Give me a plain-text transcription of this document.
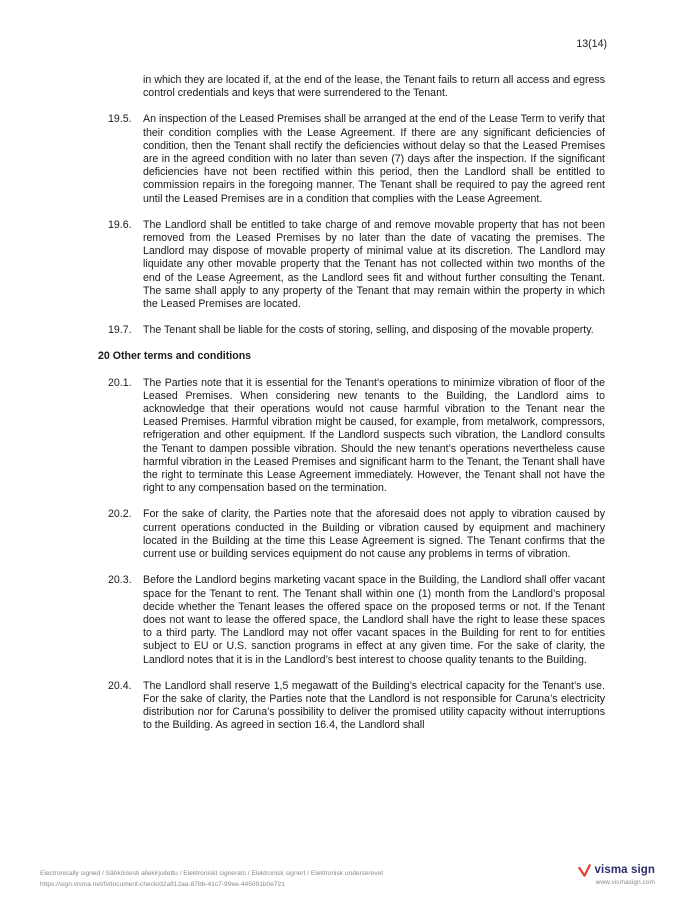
13(14)
in which they are located if, at the end of the lease, the Tenant fails to return all access and egress control credentials and keys that were surrendered to the Tenant.
19.5.	An inspection of the Leased Premises shall be arranged at the end of the Lease Term to verify that their condition complies with the Lease Agreement. If there are any significant deficiencies of condition, then the Tenant shall rectify the deficiencies without delay so that the Leased Premises are in the agreed condition with no later than seven (7) days after the inspection. If the significant deficiencies have not been rectified within this period, then the Landlord shall be entitled to commission repairs in the foregoing manner. The Tenant shall be required to pay the agreed rent until the Leased Premises are in a condition that complies with the Lease Agreement.
19.6.	The Landlord shall be entitled to take charge of and remove movable property that has not been removed from the Leased Premises by no later than the date of vacating the premises. The Landlord may dispose of movable property of minimal value at its discretion. The Landlord may liquidate any other movable property that the Tenant has not collected within two months of the end of the Lease Agreement, as the Landlord sees fit and without further consulting the Tenant. The same shall apply to any property of the Tenant that may remain within the property in which the Leased Premises are located.
19.7.	The Tenant shall be liable for the costs of storing, selling, and disposing of the movable property.
20 Other terms and conditions
20.1.	The Parties note that it is essential for the Tenant’s operations to minimize vibration of floor of the Leased Premises. When considering new tenants to the Building, the Landlord aims to acknowledge that their operations would not cause harmful vibration to the Tenant near the Leased Premises. Harmful vibration might be caused, for example, from metalwork, compressors, refrigeration and other equipment. If the Landlord suspects such vibration, the Landlord consults the Tenant to dampen possible vibration. Should the new tenant’s operations nevertheless cause harmful vibration in the Leased Premises and significant harm to the Tenant, the Tenant shall have the right to terminate this Lease Agreement immediately. However, the Tenant shall not have the right to any compensation based on the termination.
20.2.	For the sake of clarity, the Parties note that the aforesaid does not apply to vibration caused by current operations conducted in the Building or vibration caused by equipment and machinery located in the Building at the time this Lease Agreement is signed. The Tenant confirms that the current use or building services equipment do not cause any problems in terms of vibration.
20.3.	Before the Landlord begins marketing vacant space in the Building, the Landlord shall offer vacant space for the Tenant to rent. The Tenant shall within one (1) month from the Landlord’s proposal decide whether the Tenant leases the offered space on the proposed terms or not. If the Tenant does not want to lease the offered space, the Landlord shall have the right to lease these spaces to a third party. The Landlord may not offer vacant spaces in the Building for rent to for entities subject to EU or U.S. sanction programs in effect at any given time. For the sake of clarity, the Landlord notes that it is in the Landlord’s best interest to choose quality tenants to the Building.
20.4.	The Landlord shall reserve 1,5 megawatt of the Building’s electrical capacity for the Tenant’s use. For the sake of clarity, the Parties note that the Landlord is not responsible for Caruna’s electricity distribution nor for Caruna’s possibility to deliver the promised utility capacity without interruptions to the Building. As agreed in section 16.4, the Landlord shall
Electronically signed / Sähköisesti allekirjoitettu / Elektroniskt signerats / Elektronisk signert / Elektronisk underskrevet
https://sign.visma.net/fi/document-check/d2a812aa-87bb-41c7-99ee-445091b0e721
visma sign
www.vismasign.com
